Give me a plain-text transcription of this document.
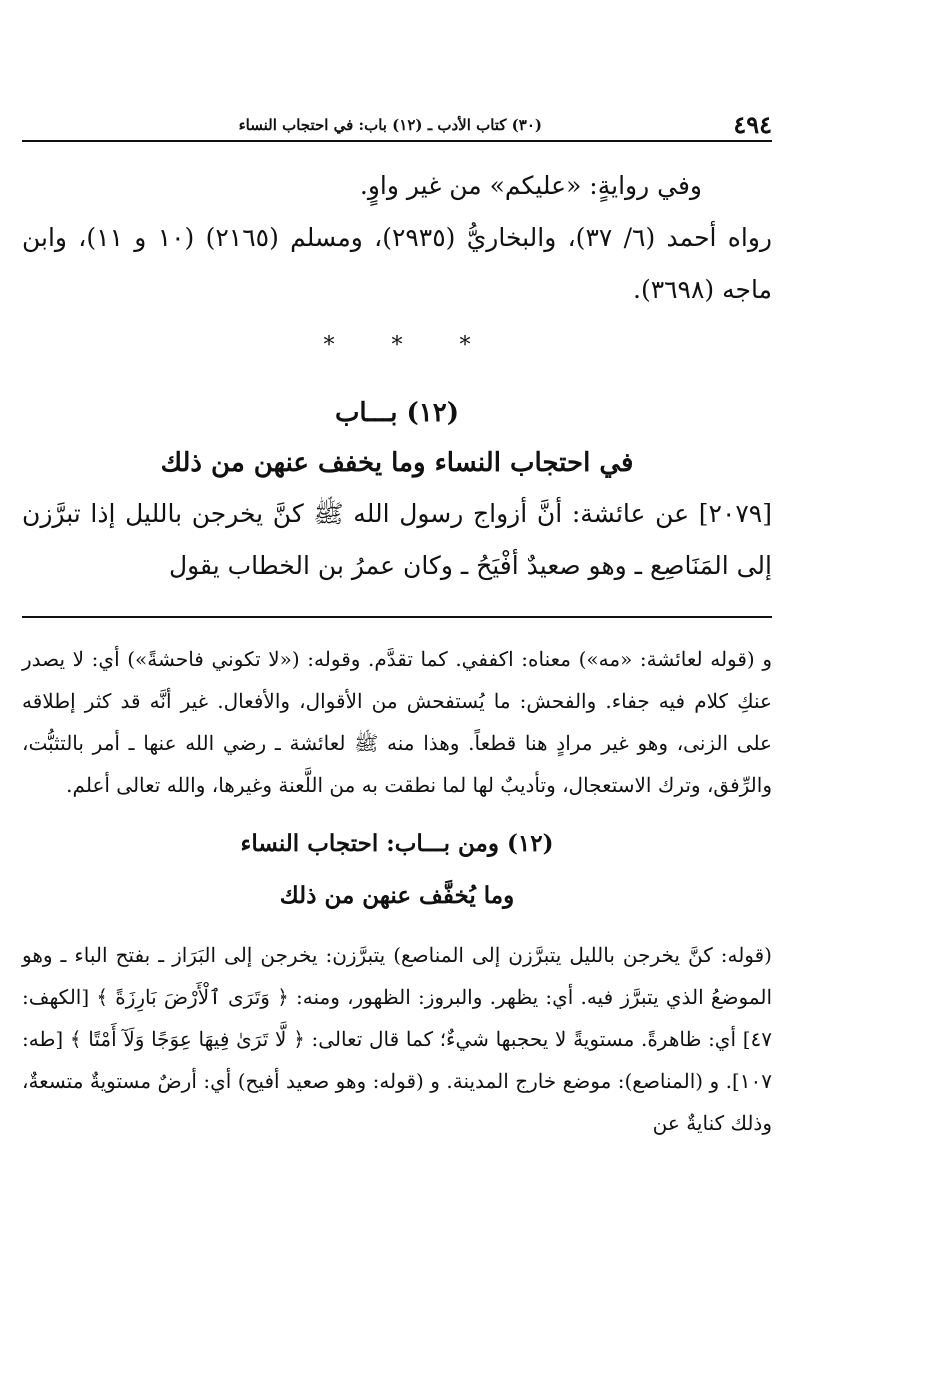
٤٩٤
(٣٠) كتاب الأدب ـ (١٢) باب: في احتجاب النساء

وفي روايةٍ: «عليكم» من غير واوٍ.

رواه أحمد (٦/ ٣٧)، والبخاريُّ (٢٩٣٥)، ومسلم (٢١٦٥) (١٠ و ١١)، وابن ماجه (٣٦٩٨).

* * *
(١٢) بـــاب
في احتجاب النساء وما يخفف عنهن من ذلك

[٢٠٧٩] عن عائشة: أنَّ أزواج رسول الله ﷺ كنَّ يخرجن بالليل إذا تبرَّزن إلى المَنَاصِع ـ وهو صعيدٌ أفْيَحُ ـ وكان عمرُ بن الخطاب يقول

و (قوله لعائشة: «مه») معناه: اكففي. كما تقدَّم. وقوله: («لا تكوني فاحشةً») أي: لا يصدر عنكِ كلام فيه جفاء. والفحش: ما يُستفحش من الأقوال، والأفعال. غير أنَّه قد كثر إطلاقه على الزنى، وهو غير مرادٍ هنا قطعاً. وهذا منه ﷺ لعائشة ـ رضي الله عنها ـ أمر بالتثبُّت، والرِّفق، وترك الاستعجال، وتأديبٌ لها لما نطقت به من اللَّعنة وغيرها، والله تعالى أعلم.

(١٢) ومن بـــاب: احتجاب النساء
وما يُخفَّف عنهن من ذلك

(قوله: كنَّ يخرجن بالليل يتبرَّزن إلى المناصع) يتبرَّزن: يخرجن إلى البَرَاز ـ بفتح الباء ـ وهو الموضعُ الذي يتبرَّز فيه. أي: يظهر. والبروز: الظهور، ومنه: ﴿ وَتَرَى ٱلْأَرْضَ بَارِزَةً ﴾ [الكهف: ٤٧] أي: ظاهرةً. مستويةً لا يحجبها شيءٌ؛ كما قال تعالى: ﴿ لَّا تَرَىٰ فِيهَا عِوَجًا وَلَآ أَمْتًا ﴾ [طه: ١٠٧]. و (المناصع): موضع خارج المدينة. و (قوله: وهو صعيد أفيح) أي: أرضٌ مستويةٌ متسعةٌ، وذلك كنايةٌ عن
